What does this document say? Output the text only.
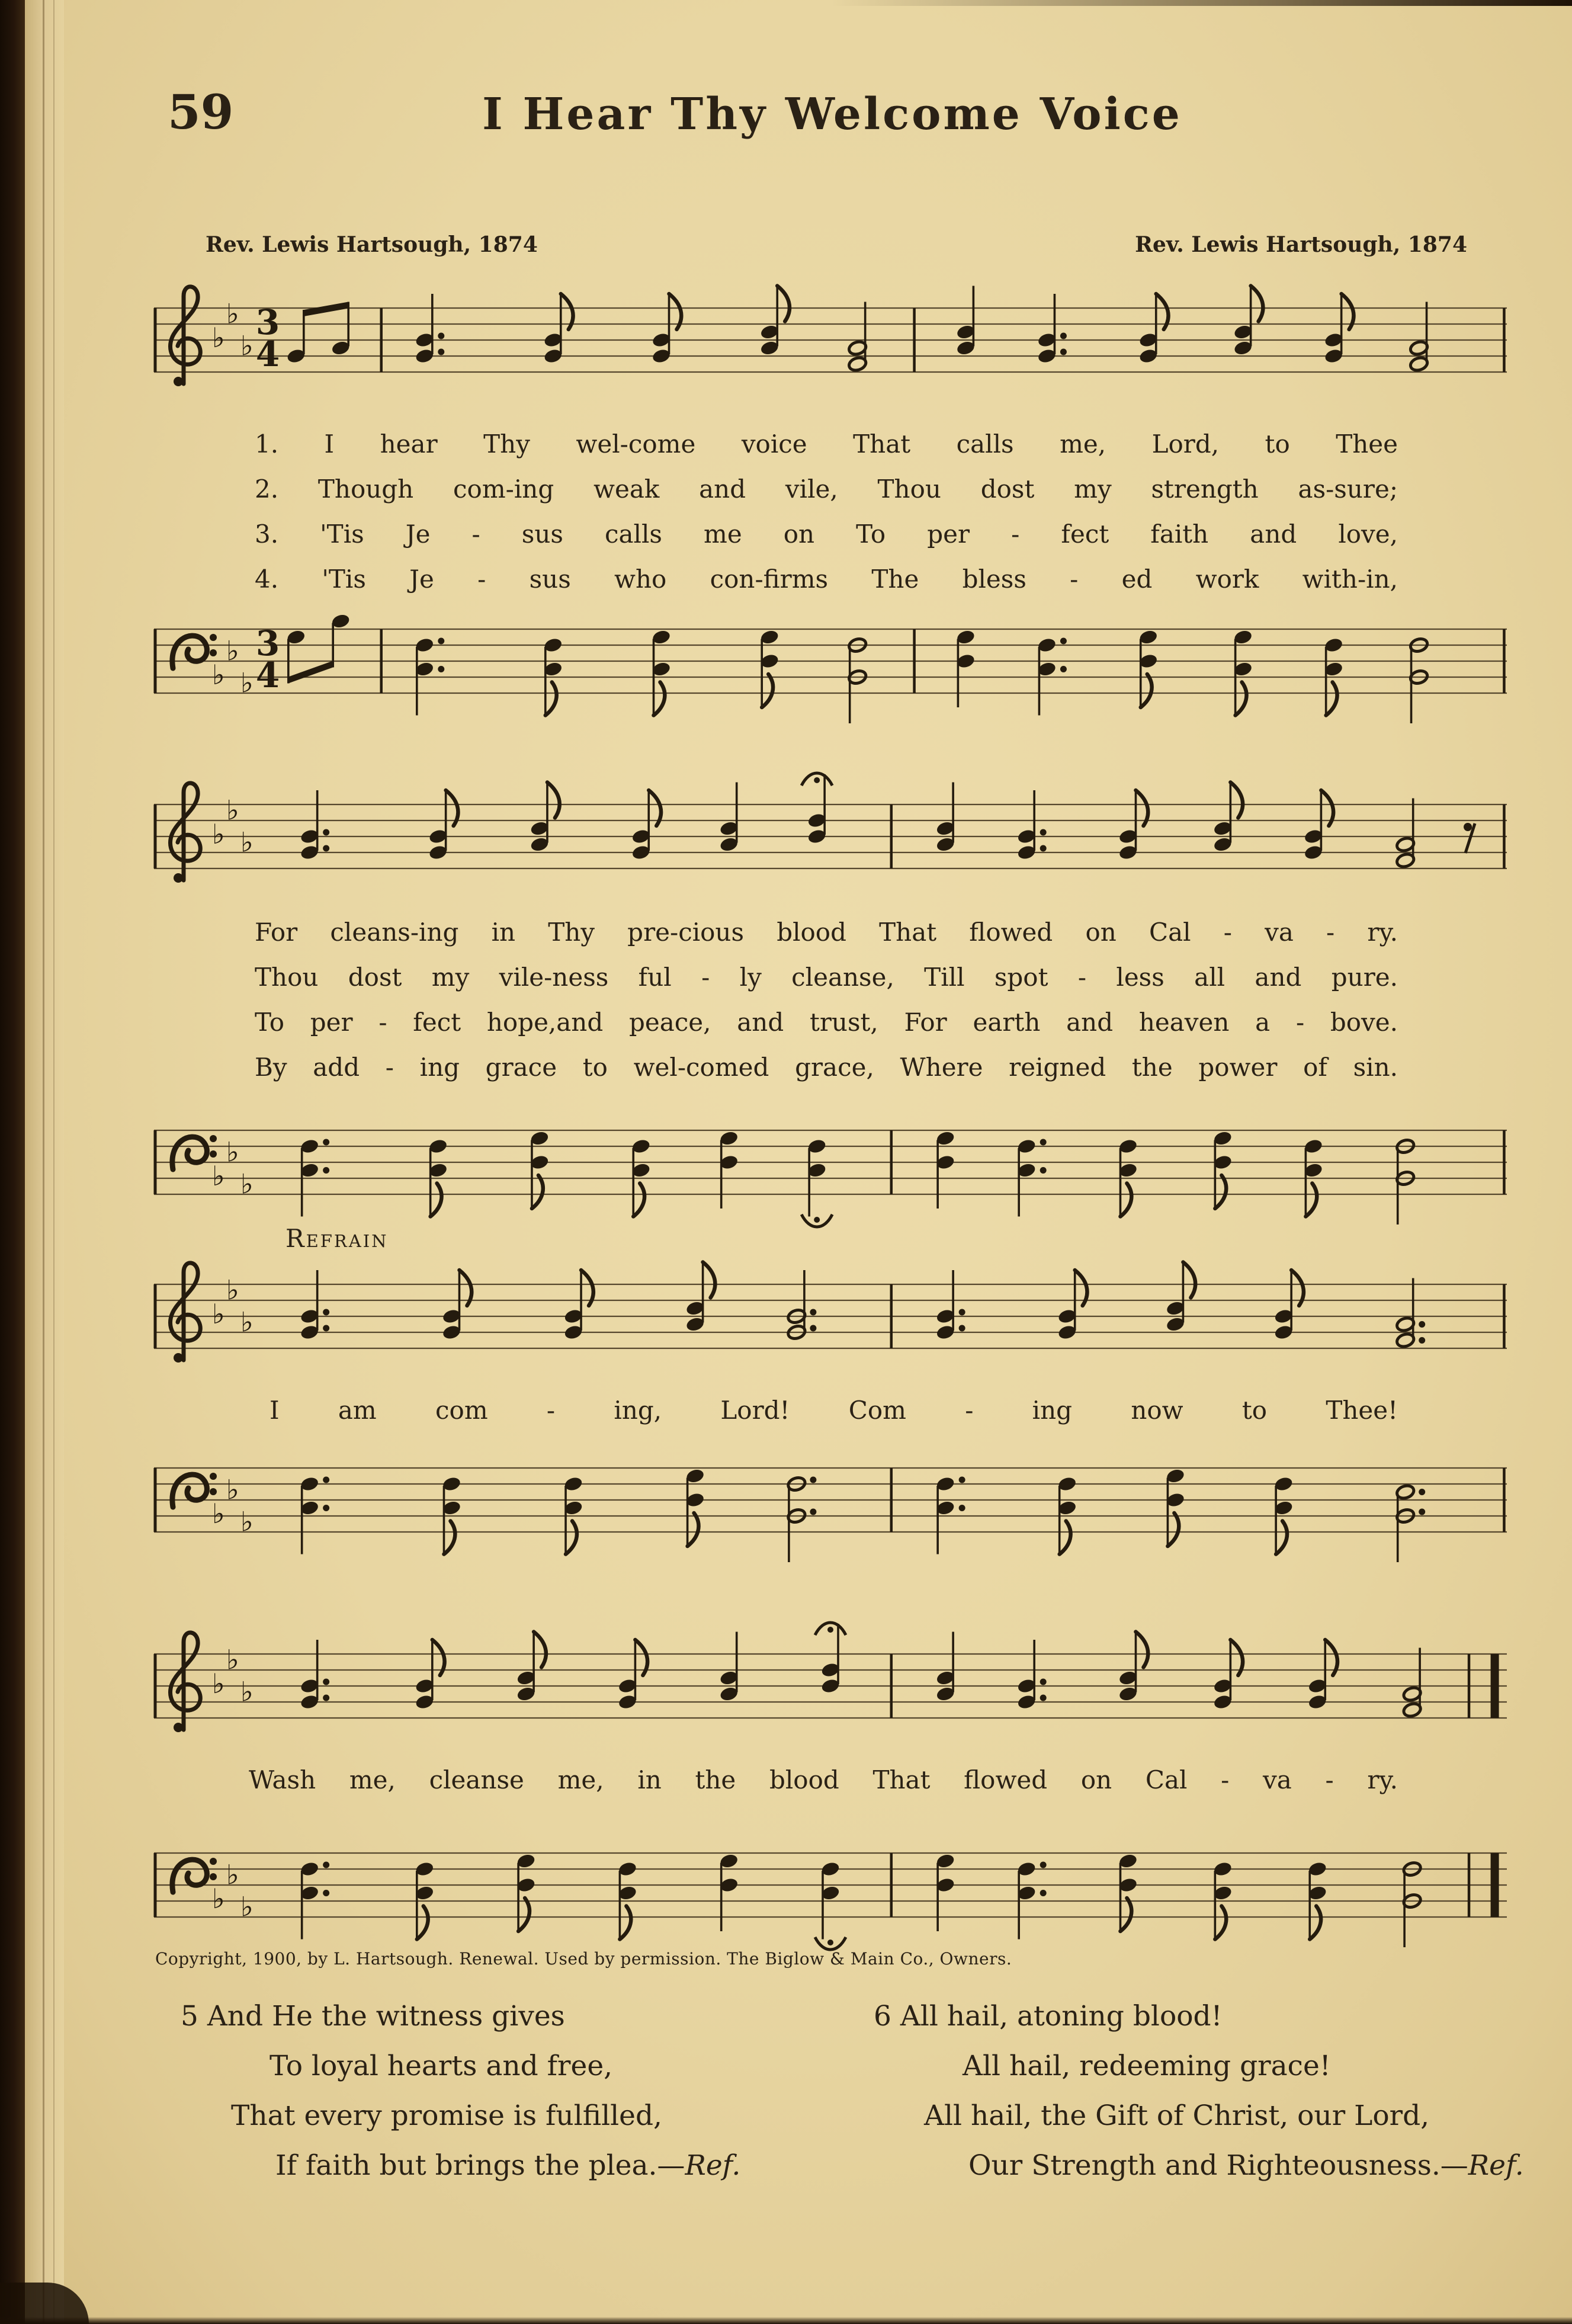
59	I Hear Thy Welcome Voice
Rev. Lewis Hartsough, 1874	Rev. Lewis Hartsough, 1874
♭
♭
♭
3
4
1. I hear Thy wel-come voice That calls me, Lord, to Thee
2. Though com-ing weak and vile, Thou dost my strength as-sure;
3. 'Tis Je - sus calls me on To per - fect faith and love,
4. 'Tis Je - sus who con-firms The bless - ed work with-in,
♭
♭
♭
3
4
♭
♭
♭
For cleans-ing in Thy pre-cious blood That flowed on Cal - va - ry.
Thou dost my vile-ness ful - ly cleanse, Till spot - less all and pure.
To per - fect hope,and peace, and trust, For earth and heaven a - bove.
By add - ing grace to wel-comed grace, Where reigned the power of sin.
♭
♭
♭
Refrain
♭
♭
♭
I am com - ing, Lord! Com - ing now to Thee!
♭
♭
♭
♭
♭
♭
Wash me, cleanse me, in the blood That flowed on Cal - va - ry.
♭
♭
♭
Copyright, 1900, by L. Hartsough. Renewal. Used by permission. The Biglow & Main Co., Owners.
5 And He the witness gives
To loyal hearts and free,
That every promise is fulfilled,
If faith but brings the plea.—Ref.
6 All hail, atoning blood!
All hail, redeeming grace!
All hail, the Gift of Christ, our Lord,
Our Strength and Righteousness.—Ref.
